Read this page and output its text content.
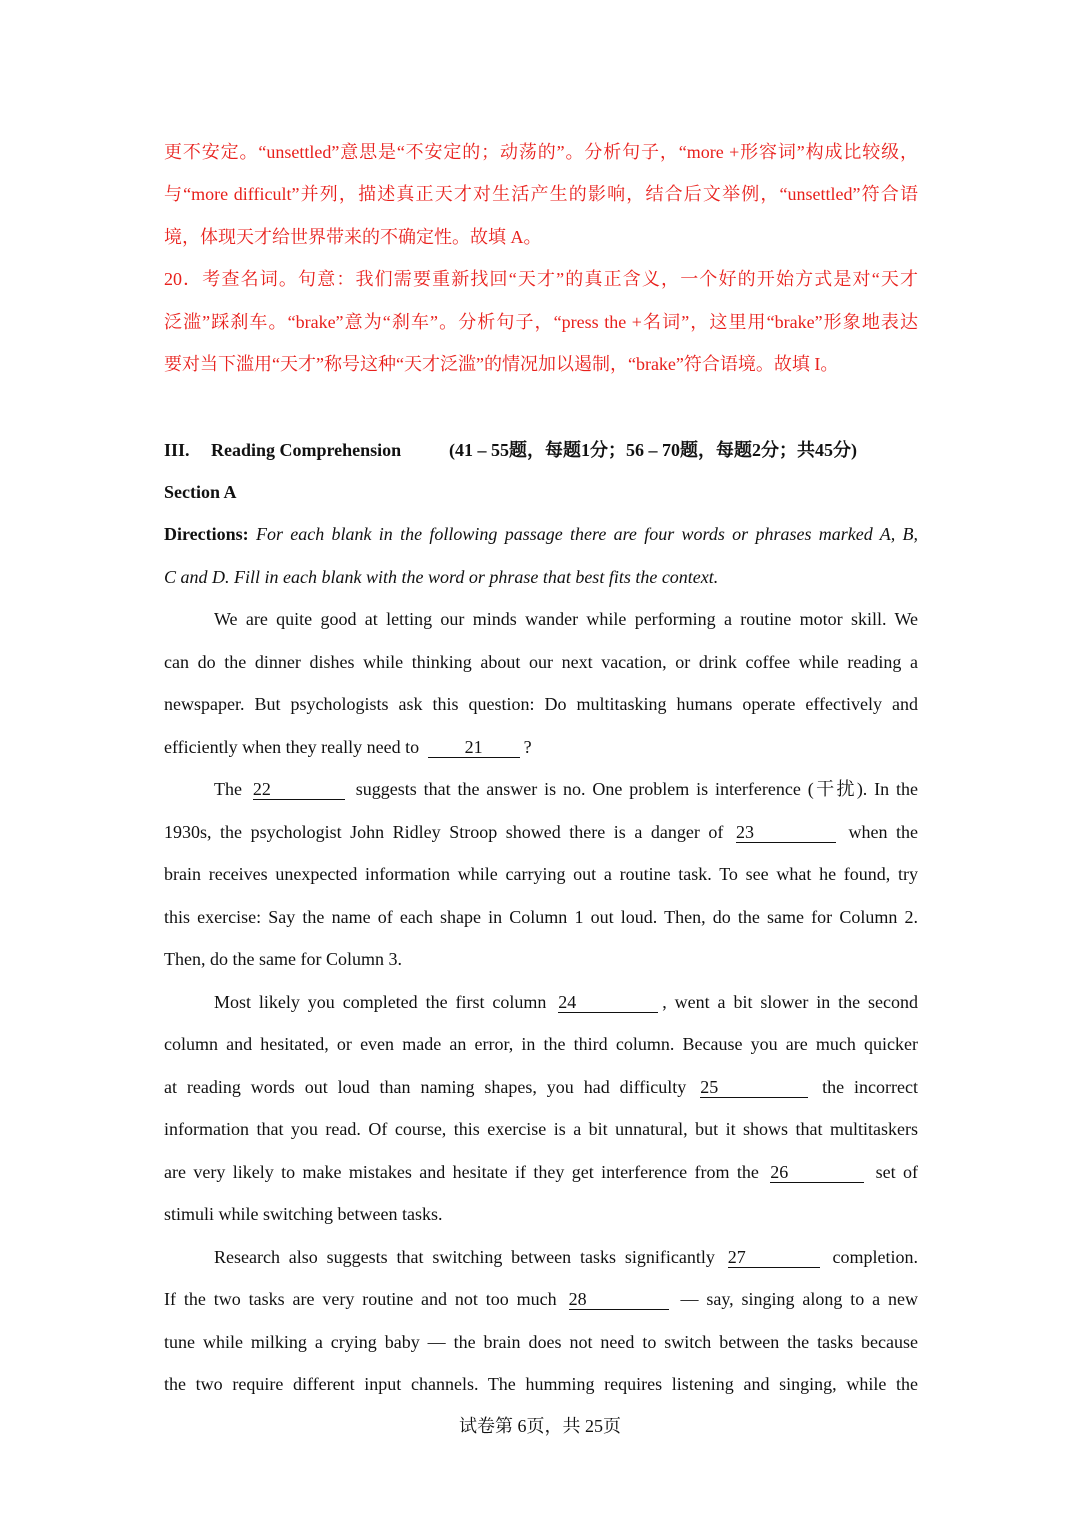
更不安定。“unsettled”意思是“不安定的；动荡的”。分析句子，“more +形容词”构成比较级，
与“more difficult”并列，描述真正天才对生活产生的影响，结合后文举例，“unsettled”符合语
境，体现天才给世界带来的不确定性。故填 A。
20．考查名词。句意：我们需要重新找回“天才”的真正含义，一个好的开始方式是对“天才
泛滥”踩刹车。“brake”意为“刹车”。分析句子，“press the +名词”，这里用“brake”形象地表达
要对当下滥用“天才”称号这种“天才泛滥”的情况加以遏制，“brake”符合语境。故填 I。
III. Reading Comprehension	(41 – 55题，每题1分；56 – 70题，每题2分；共45分)
Section A
Directions: For each blank in the following passage there are four words or phrases marked A, B,
C and D. Fill in each blank with the word or phrase that best fits the context.
We are quite good at letting our minds wander while performing a routine motor skill. We
can do the dinner dishes while thinking about our next vacation, or drink coffee while reading a
newspaper. But psychologists ask this question: Do multitasking humans operate effectively and
efficiently when they really need to	21 ?
The 22	suggests that the answer is no. One problem is interference (干扰). In the
1930s, the psychologist John Ridley Stroop showed there is a danger of 23	when the
brain receives unexpected information while carrying out a routine task. To see what he found, try
this exercise: Say the name of each shape in Column 1 out loud. Then, do the same for Column 2.
Then, do the same for Column 3.
Most likely you completed the first column 24	, went a bit slower in the second
column and hesitated, or even made an error, in the third column. Because you are much quicker
at reading words out loud than naming shapes, you had difficulty 25	the incorrect
information that you read. Of course, this exercise is a bit unnatural, but it shows that multitaskers
are very likely to make mistakes and hesitate if they get interference from the 26	set of
stimuli while switching between tasks.
Research also suggests that switching between tasks significantly 27	completion.
If the two tasks are very routine and not too much 28	— say, singing along to a new
tune while milking a crying baby — the brain does not need to switch between the tasks because
the two require different input channels. The humming requires listening and singing, while the
试卷第 6页，共 25页
